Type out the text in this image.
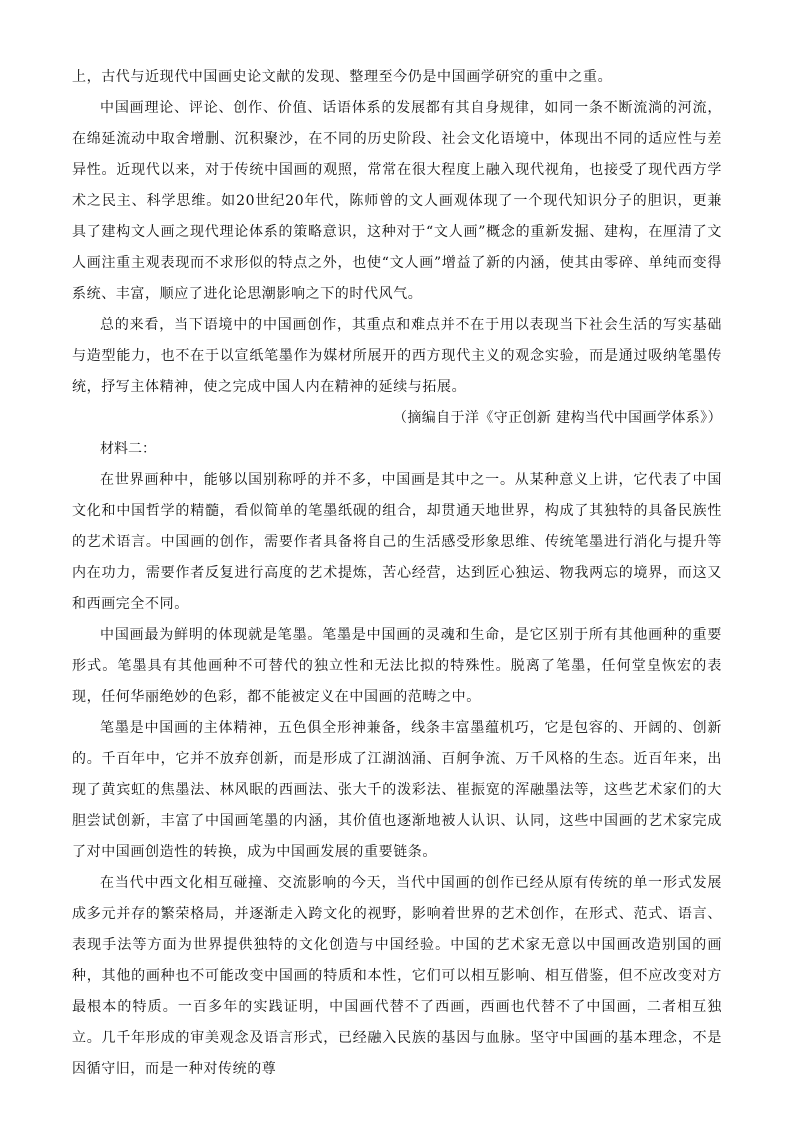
上，古代与近现代中国画史论文献的发现、整理至今仍是中国画学研究的重中之重。

中国画理论、评论、创作、价值、话语体系的发展都有其自身规律，如同一条不断流淌的河流，在绵延流动中取舍增删、沉积聚沙，在不同的历史阶段、社会文化语境中，体现出不同的适应性与差异性。近现代以来，对于传统中国画的观照，常常在很大程度上融入现代视角，也接受了现代西方学术之民主、科学思维。如20世纪20年代，陈师曾的文人画观体现了一个现代知识分子的胆识，更兼具了建构文人画之现代理论体系的策略意识，这种对于“文人画”概念的重新发掘、建构，在厘清了文人画注重主观表现而不求形似的特点之外，也使“文人画”增益了新的内涵，使其由零碎、单纯而变得系统、丰富，顺应了进化论思潮影响之下的时代风气。

总的来看，当下语境中的中国画创作，其重点和难点并不在于用以表现当下社会生活的写实基础与造型能力，也不在于以宣纸笔墨作为媒材所展开的西方现代主义的观念实验，而是通过吸纳笔墨传统，抒写主体精神，使之完成中国人内在精神的延续与拓展。

（摘编自于洋《守正创新 建构当代中国画学体系》）

材料二：

在世界画种中，能够以国别称呼的并不多，中国画是其中之一。从某种意义上讲，它代表了中国文化和中国哲学的精髓，看似简单的笔墨纸砚的组合，却贯通天地世界，构成了其独特的具备民族性的艺术语言。中国画的创作，需要作者具备将自己的生活感受形象思维、传统笔墨进行消化与提升等内在功力，需要作者反复进行高度的艺术提炼，苦心经营，达到匠心独运、物我两忘的境界，而这又和西画完全不同。

中国画最为鲜明的体现就是笔墨。笔墨是中国画的灵魂和生命，是它区别于所有其他画种的重要形式。笔墨具有其他画种不可替代的独立性和无法比拟的特殊性。脱离了笔墨，任何堂皇恢宏的表现，任何华丽绝妙的色彩，都不能被定义在中国画的范畴之中。

笔墨是中国画的主体精神，五色俱全形神兼备，线条丰富墨蕴机巧，它是包容的、开阔的、创新的。千百年中，它并不放弃创新，而是形成了江湖汹涌、百舸争流、万千风格的生态。近百年来，出现了黄宾虹的焦墨法、林风眠的西画法、张大千的泼彩法、崔振宽的浑融墨法等，这些艺术家们的大胆尝试创新，丰富了中国画笔墨的内涵，其价值也逐渐地被人认识、认同，这些中国画的艺术家完成了对中国画创造性的转换，成为中国画发展的重要链条。

在当代中西文化相互碰撞、交流影响的今天，当代中国画的创作已经从原有传统的单一形式发展成多元并存的繁荣格局，并逐渐走入跨文化的视野，影响着世界的艺术创作，在形式、范式、语言、表现手法等方面为世界提供独特的文化创造与中国经验。中国的艺术家无意以中国画改造别国的画种，其他的画种也不可能改变中国画的特质和本性，它们可以相互影响、相互借鉴，但不应改变对方最根本的特质。一百多年的实践证明，中国画代替不了西画，西画也代替不了中国画，二者相互独立。几千年形成的审美观念及语言形式，已经融入民族的基因与血脉。坚守中国画的基本理念，不是因循守旧，而是一种对传统的尊
